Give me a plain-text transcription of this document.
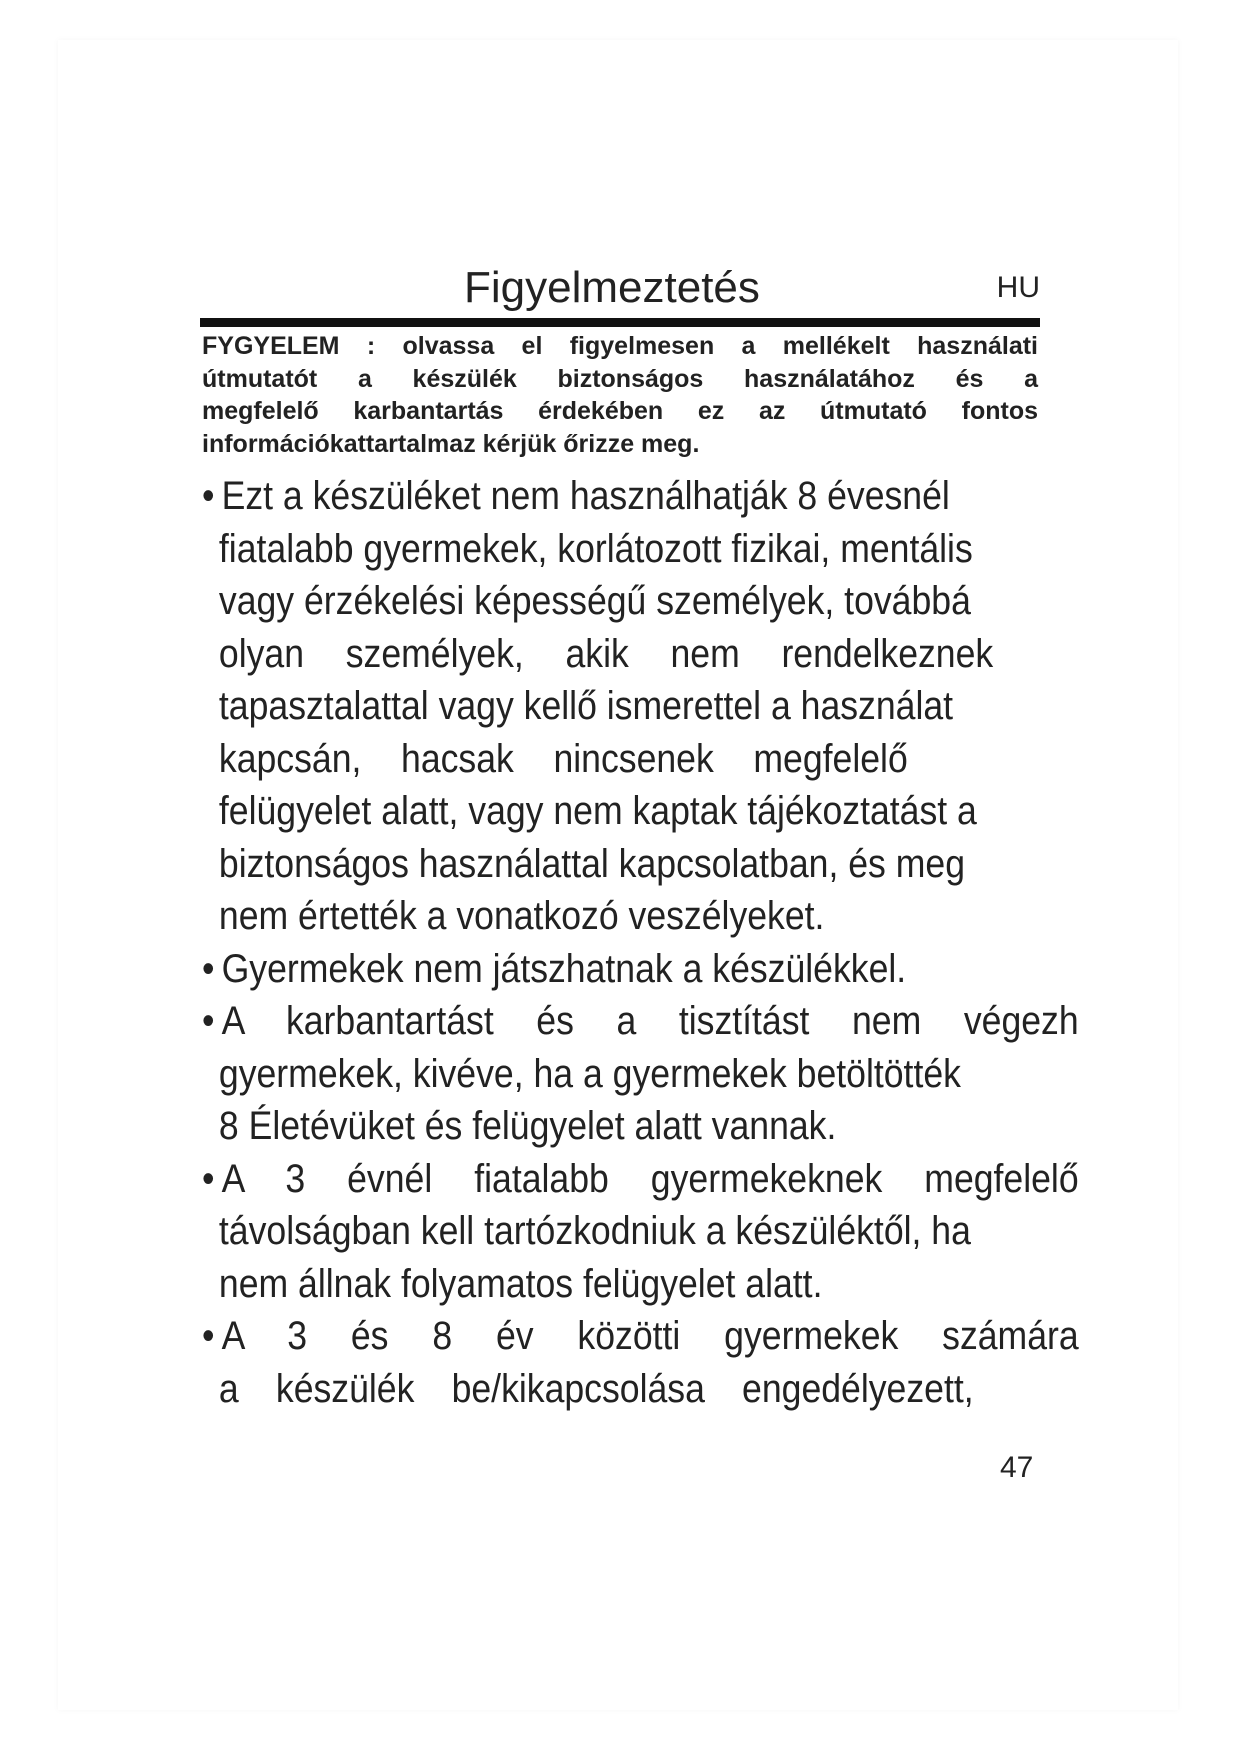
Figyelmeztetés	HU
FYGYELEM : olvassa el figyelmesen a mellékelt használati
útmutatót a készülék biztonságos használatához és a
megfelelő karbantartás érdekében ez az útmutató fontos
információkattartalmaz kérjük őrizze meg.
• Ezt a készüléket nem használhatják 8 évesnél
fiatalabb gyermekek, korlátozott fizikai, mentális
vagy érzékelési képességű személyek, továbbá
olyan személyek, akik nem rendelkeznek
tapasztalattal vagy kellő ismerettel a használat
kapcsán, hacsak nincsenek megfelelő
felügyelet alatt, vagy nem kaptak tájékoztatást a
biztonságos használattal kapcsolatban, és meg
nem értették a vonatkozó veszélyeket.
• Gyermekek nem játszhatnak a készülékkel.
• A karbantartást és a tisztítást nem végezh
gyermekek, kivéve, ha a gyermekek betöltötték
8 Életévüket és felügyelet alatt vannak.
• A 3 évnél fiatalabb gyermekeknek megfelelő
távolságban kell tartózkodniuk a készüléktől, ha
nem állnak folyamatos felügyelet alatt.
• A 3 és 8 év közötti gyermekek számára
a készülék be/kikapcsolása engedélyezett,
47
